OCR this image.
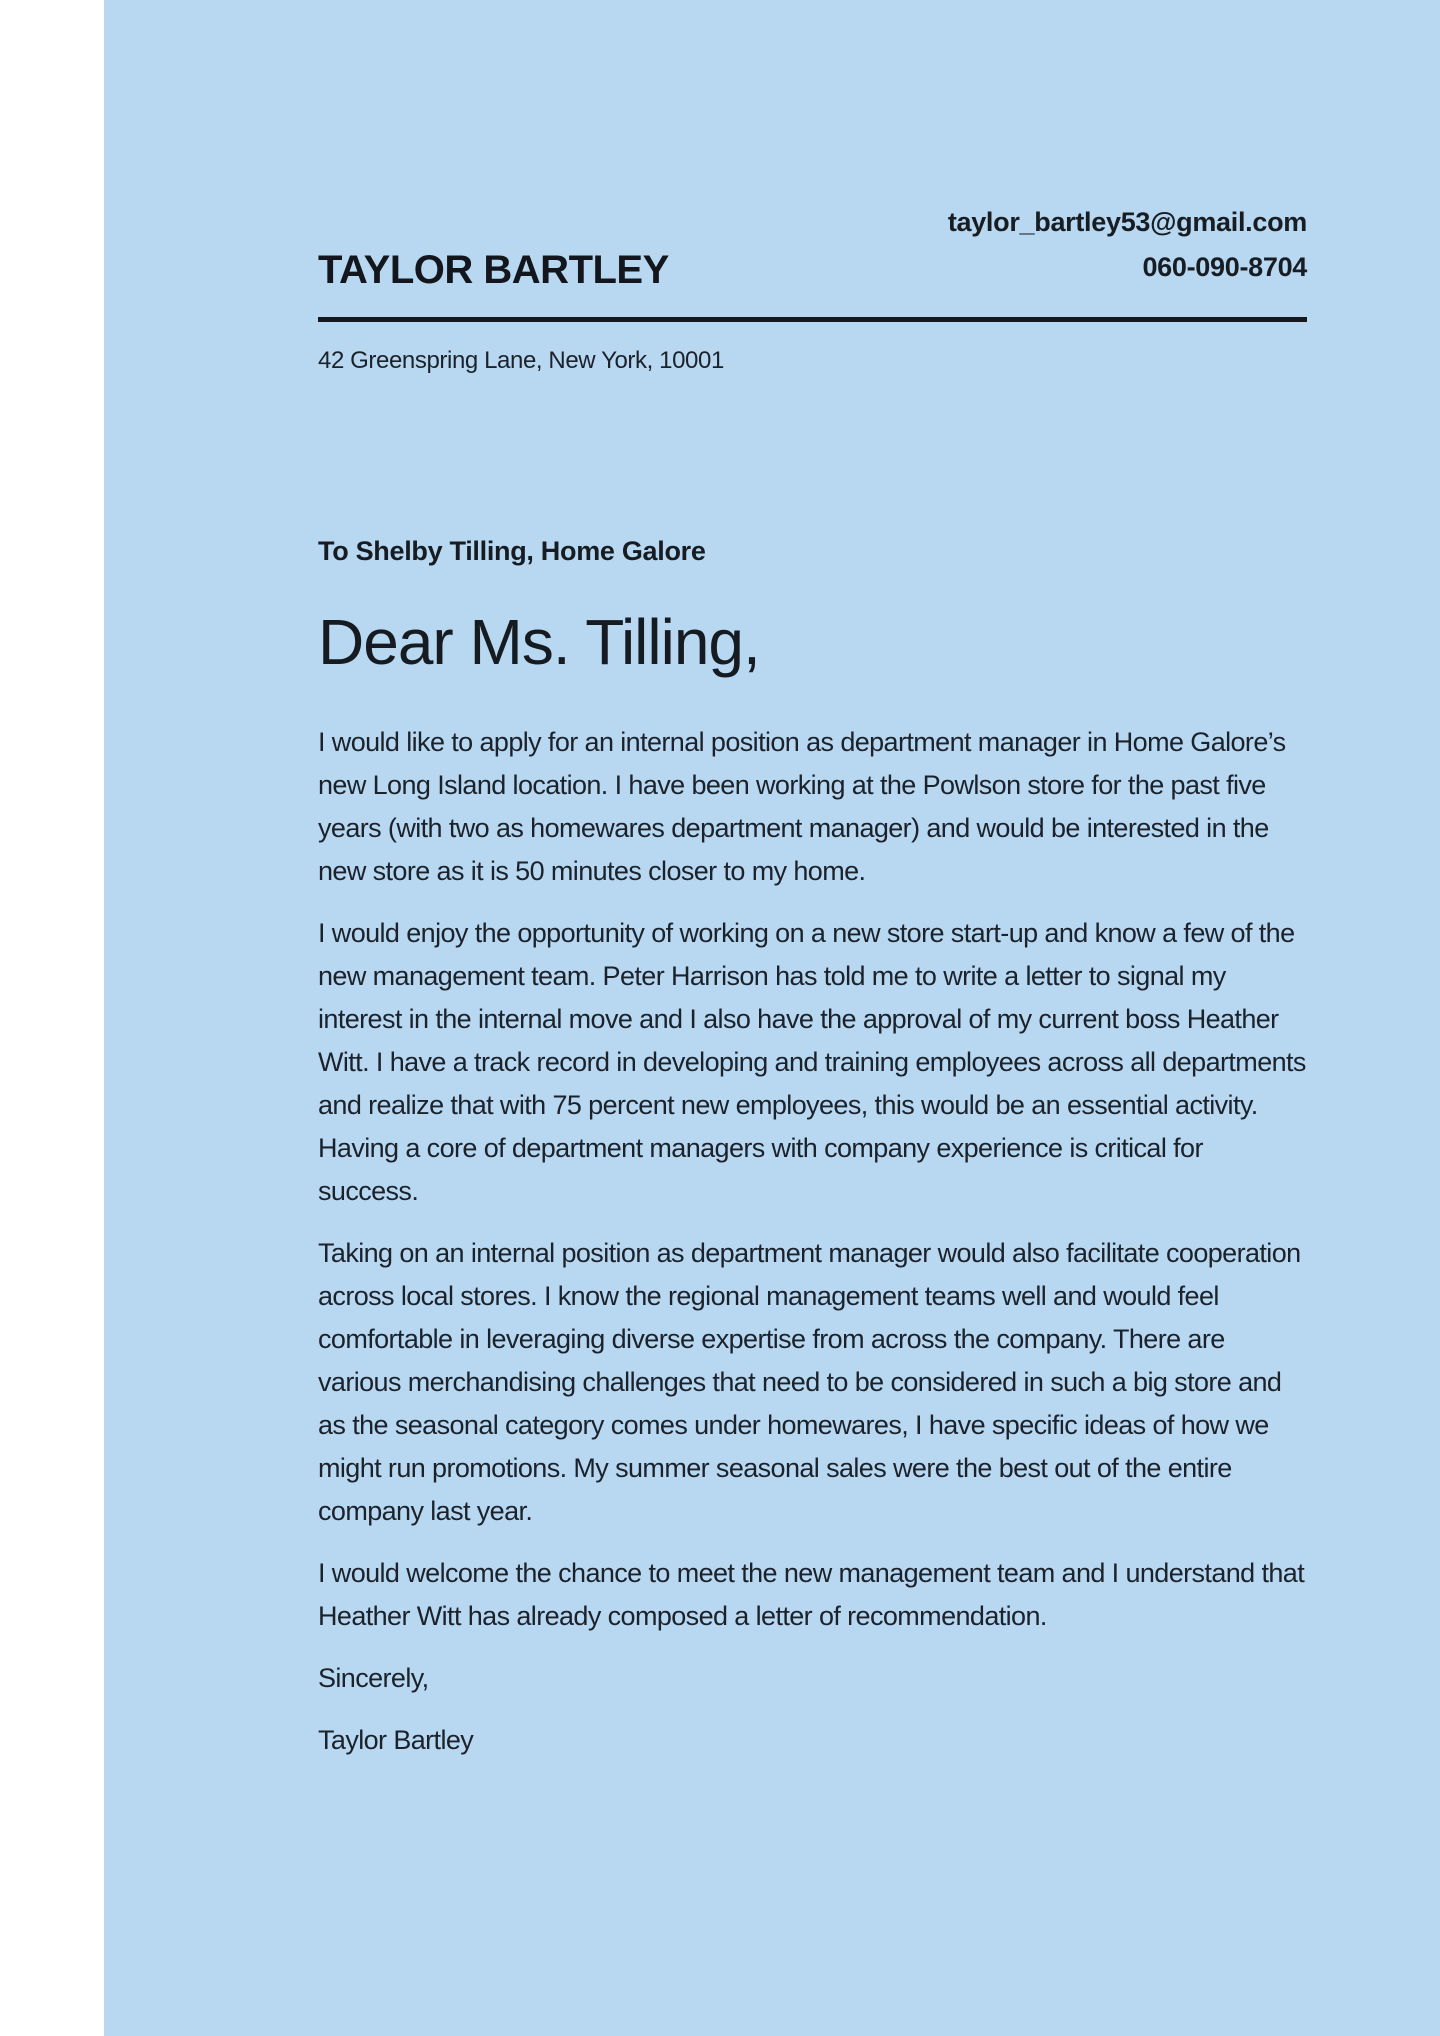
taylor_bartley53@gmail.com
060-090-8704
TAYLOR BARTLEY
42 Greenspring Lane, New York, 10001
To Shelby Tilling, Home Galore
Dear Ms. Tilling,

I would like to apply for an internal position as department manager in Home Galore’s new Long Island location. I have been working at the Powlson store for the past five years (with two as homewares department manager) and would be interested in the new store as it is 50 minutes closer to my home.

I would enjoy the opportunity of working on a new store start-up and know a few of the new management team. Peter Harrison has told me to write a letter to signal my interest in the internal move and I also have the approval of my current boss Heather Witt. I have a track record in developing and training employees across all departments and realize that with 75 percent new employees, this would be an essential activity. Having a core of department managers with company experience is critical for success.

Taking on an internal position as department manager would also facilitate cooperation across local stores. I know the regional management teams well and would feel comfortable in leveraging diverse expertise from across the company. There are various merchandising challenges that need to be considered in such a big store and as the seasonal category comes under homewares, I have specific ideas of how we might run promotions. My summer seasonal sales were the best out of the entire company last year.

I would welcome the chance to meet the new management team and I understand that Heather Witt has already composed a letter of recommendation.

Sincerely,

Taylor Bartley
